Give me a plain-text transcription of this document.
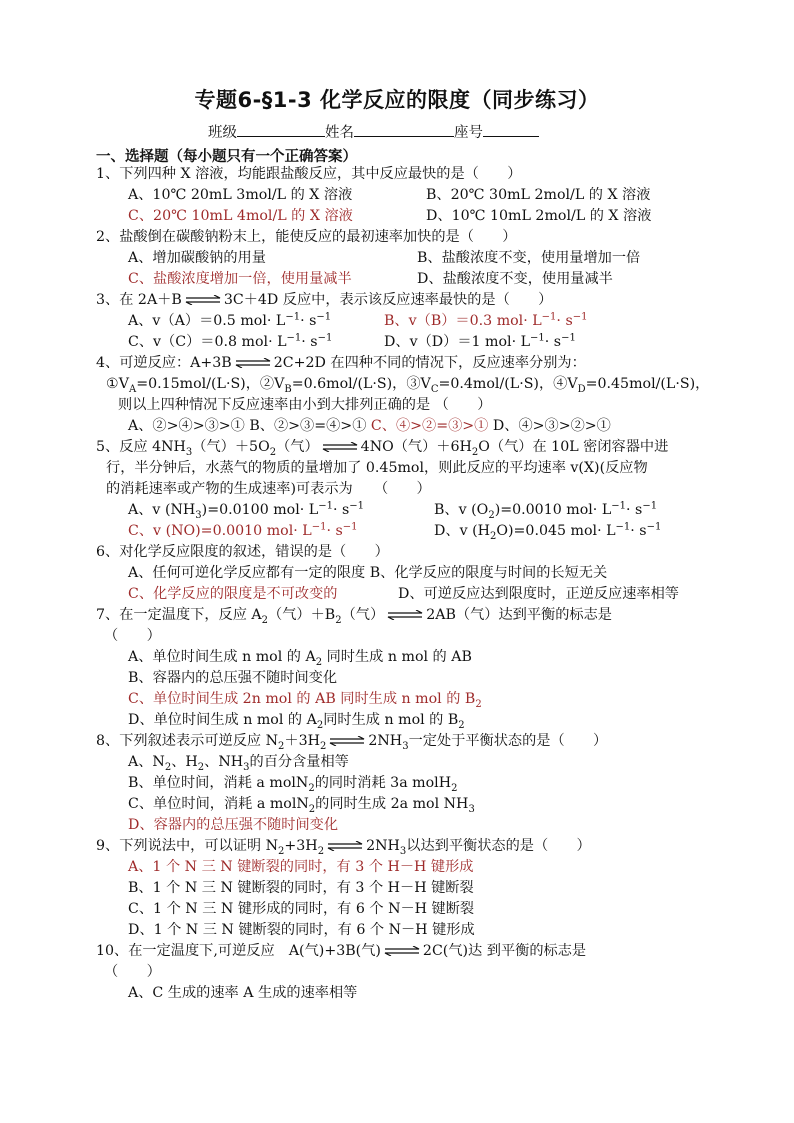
专题6-§1-3 化学反应的限度（同步练习）
班级	姓名	座号
一、选择题（每小题只有一个正确答案）
1、下列四种 X 溶液，均能跟盐酸反应，其中反应最快的是（　　）
A、10℃ 20mL 3mol/L 的 X 溶液	B、20℃ 30mL 2mol/L 的 X 溶液
C、20℃ 10mL 4mol/L 的 X 溶液	D、10℃ 10mL 2mol/L 的 X 溶液
2、盐酸倒在碳酸钠粉末上，能使反应的最初速率加快的是（　　）
A、增加碳酸钠的用量	B、盐酸浓度不变，使用量增加一倍
C、盐酸浓度增加一倍，使用量减半	D、盐酸浓度不变，使用量减半
3、在 2A＋B ⇌ 3C＋4D 反应中，表示该反应速率最快的是（　　）
A、v（A）＝0.5 $mol\cdot L^{-1}\cdot s^{-1}$	B、v（B）＝0.3 $mol\cdot L^{-1}\cdot s^{-1}$
C、v（C）＝0.8 $mol\cdot L^{-1}\cdot s^{-1}$	D、v（D）＝1 $mol\cdot L^{-1}\cdot s^{-1}$
4、可逆反应：A+3B ⇌ 2C+2D 在四种不同的情况下，反应速率分别为：
$①V_A=0.15mol/(L\cdot S)$，$②V_B=0.6mol/(L\cdot S)$，$③V_C=0.4mol/(L\cdot S)$，$④V_D=0.45mol/(L\cdot S)$，
则以上四种情况下反应速率由小到大排列正确的是 （　　）
A、②>④>③>① B、②>③=④>① C、④>②=③>① D、④>③>②>①
5、反应 $4NH_3$（气）$+5O_2$（气） ⇌ 4NO（气）$+6H_2O$（气）在 10L 密闭容器中进
行，半分钟后，水蒸气的物质的量增加了 0.45mol，则此反应的平均速率 v(X)(反应物
的消耗速率或产物的生成速率)可表示为　　（　　）
A、v $(NH_3)=0.0100$ $mol\cdot L^{-1}\cdot s^{-1}$	B、v $(O_2)=0.0010$ $mol\cdot L^{-1}\cdot s^{-1}$
C、v (NO)=0.0010 $mol\cdot L^{-1}\cdot s^{-1}$	D、v $(H_2O)=0.045$ $mol\cdot L^{-1}\cdot s^{-1}$
6、对化学反应限度的叙述，错误的是（　　）
A、任何可逆化学反应都有一定的限度 B、化学反应的限度与时间的长短无关
C、化学反应的限度是不可改变的	D、可逆反应达到限度时，正逆反应速率相等
7、在一定温度下，反应 $A_2$（气）$+B_2$（气） ⇌ 2AB（气）达到平衡的标志是
（　　）
A、单位时间生成 n mol 的 $A_2$ 同时生成 n mol 的 AB
B、容器内的总压强不随时间变化
C、单位时间生成 2n mol 的 AB 同时生成 n mol 的 $B_2$
D、单位时间生成 n mol 的 $A_2$同时生成 n mol 的 $B_2$
8、下列叙述表示可逆反应 $N_2+3H_2$ ⇌ $2NH_3$一定处于平衡状态的是（　　）
A、$N_2$、$H_2$、$NH_3$的百分含量相等
B、单位时间，消耗 a molN$_2$的同时消耗 3a molH$_2$
C、单位时间，消耗 a molN$_2$的同时生成 2a mol $NH_3$
D、容器内的总压强不随时间变化
9、下列说法中，可以证明 $N_2+3H_2$ ⇌ $2NH_3$以达到平衡状态的是（　　）
A、1 个 N 三 N 键断裂的同时，有 3 个 H－H 键形成
B、1 个 N 三 N 键断裂的同时，有 3 个 H－H 键断裂
C、1 个 N 三 N 键形成的同时，有 6 个 N－H 键断裂
D、1 个 N 三 N 键断裂的同时，有 6 个 N－H 键形成
10、在一定温度下,可逆反应　A(气)+3B(气) ⇌ 2C(气)达 到平衡的标志是
（　　）
A、C 生成的速率 A 生成的速率相等
